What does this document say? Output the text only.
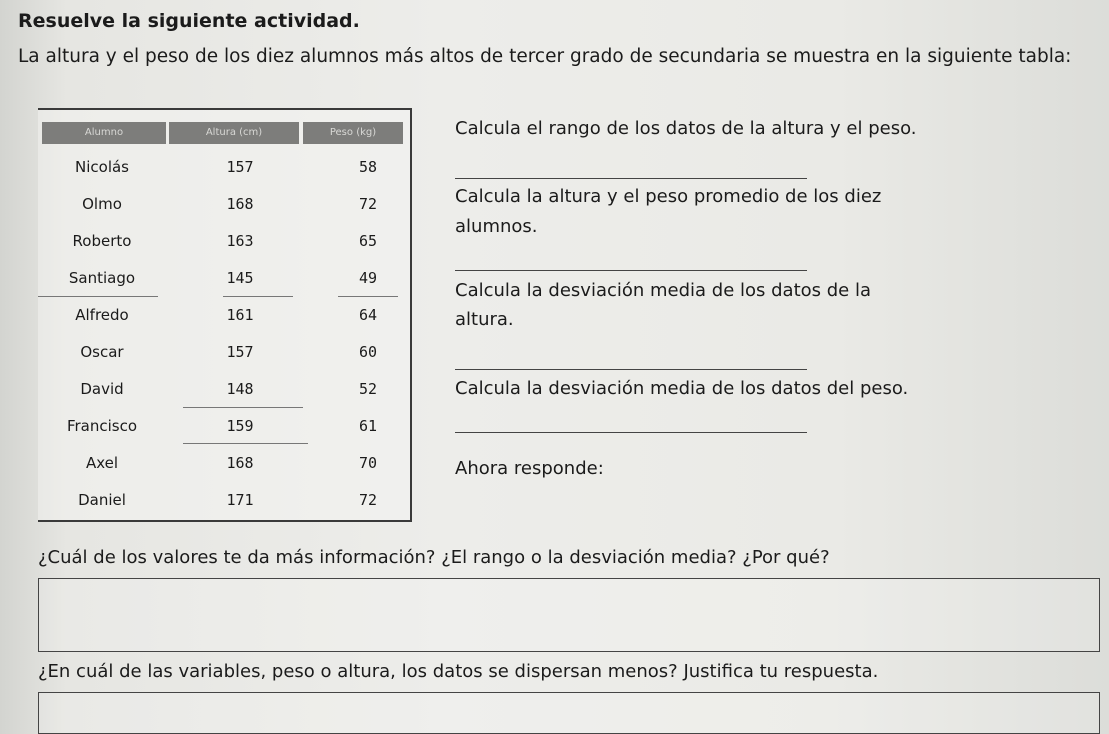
Resuelve la siguiente actividad.

La altura y el peso de los diez alumnos más altos de tercer grado de secundaria se muestra en la siguiente tabla:

Alumno	Altura (cm)	Peso (kg)
Nicolás	157	58
Olmo	168	72
Roberto	163	65
Santiago	145	49
Alfredo	161	64
Oscar	157	60
David	148	52
Francisco	159	61
Axel	168	70
Daniel	171	72

Calcula el rango de los datos de la altura y el peso.

Calcula la altura y el peso promedio de los diez

alumnos.

Calcula la desviación media de los datos de la

altura.

Calcula la desviación media de los datos del peso.

Ahora responde:

¿Cuál de los valores te da más información? ¿El rango o la desviación media? ¿Por qué?

¿En cuál de las variables, peso o altura, los datos se dispersan menos? Justifica tu respuesta.
